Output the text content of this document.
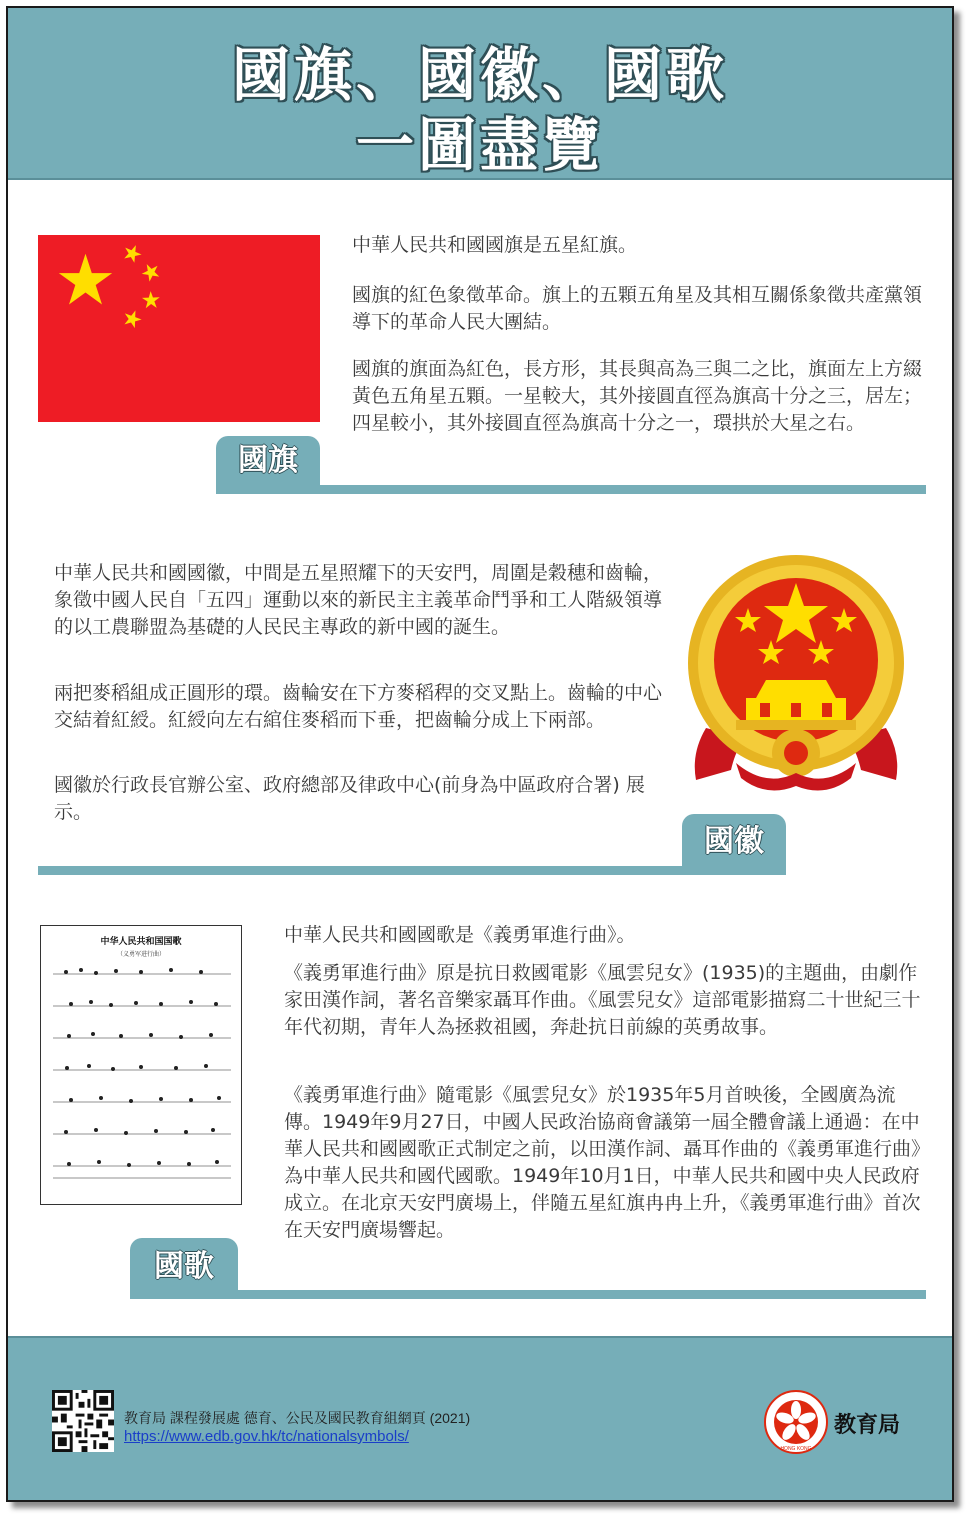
國旗、國徽、國歌
一圖盡覽

中華人民共和國國旗是五星紅旗。

國旗的紅色象徵革命。旗上的五顆五角星及其相互關係象徵共產黨領導下的革命人民大團結。

國旗的旗面為紅色，長方形，其長與高為三與二之比，旗面左上方綴黃色五角星五顆。一星較大，其外接圓直徑為旗高十分之三，居左；四星較小，其外接圓直徑為旗高十分之一，環拱於大星之右。

國旗

中華人民共和國國徽，中間是五星照耀下的天安門，周圍是穀穗和齒輪，象徵中國人民自「五四」運動以來的新民主主義革命鬥爭和工人階級領導的以工農聯盟為基礎的人民民主專政的新中國的誕生。

兩把麥稻組成正圓形的環。齒輪安在下方麥稻稈的交叉點上。齒輪的中心交結着紅綬。紅綬向左右綰住麥稻而下垂，把齒輪分成上下兩部。

國徽於行政長官辦公室、政府總部及律政中心(前身為中區政府合署) 展示。

國徽
中华人民共和国国歌
（义勇军进行曲）

中華人民共和國國歌是《義勇軍進行曲》。

《義勇軍進行曲》原是抗日救國電影《風雲兒女》(1935)的主題曲，由劇作家田漢作詞，著名音樂家聶耳作曲。《風雲兒女》這部電影描寫二十世紀三十年代初期，青年人為拯救祖國，奔赴抗日前線的英勇故事。

《義勇軍進行曲》隨電影《風雲兒女》於1935年5月首映後，全國廣為流傳。1949年9月27日，中國人民政治協商會議第一屆全體會議上通過：在中華人民共和國國歌正式制定之前，以田漢作詞、聶耳作曲的《義勇軍進行曲》為中華人民共和國代國歌。1949年10月1日，中華人民共和國中央人民政府成立。在北京天安門廣場上，伴隨五星紅旗冉冉上升，《義勇軍進行曲》首次在天安門廣場響起。

國歌
教育局 課程發展處 德育、公民及國民教育組網頁 (2021)
https://www.edb.gov.hk/tc/nationalsymbols/
HONG KONG
教育局
